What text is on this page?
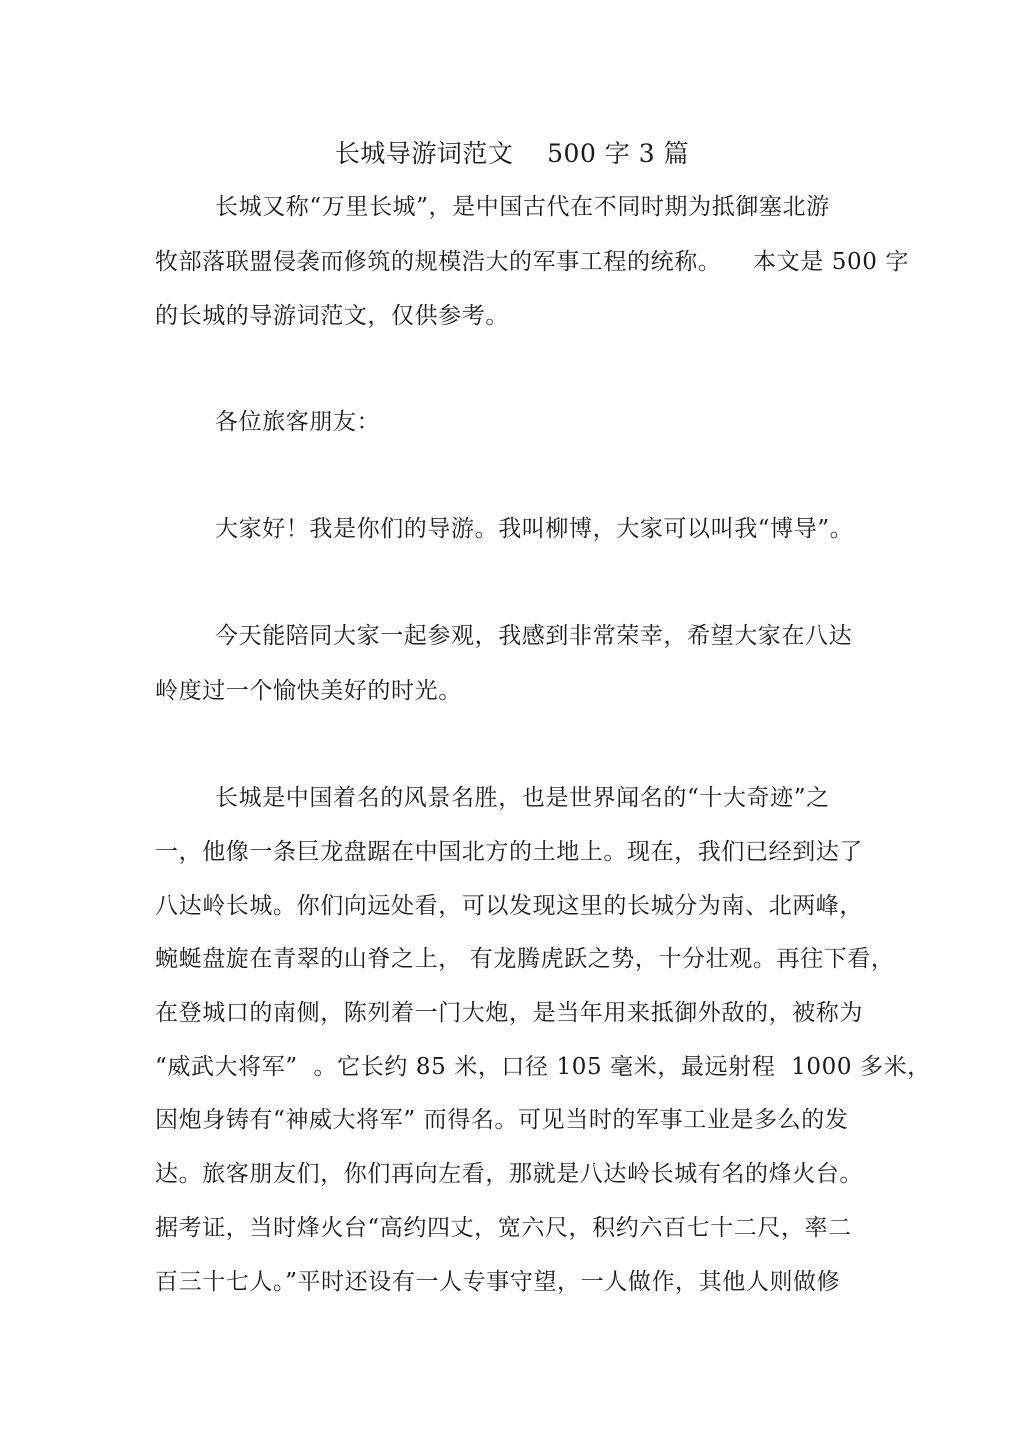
长城导游词范文    500 字 3 篇
长城又称“万里长城”，是中国古代在不同时期为抵御塞北游
牧部落联盟侵袭而修筑的规模浩大的军事工程的统称。    本文是 500 字
的长城的导游词范文，仅供参考。
各位旅客朋友：
大家好！我是你们的导游。我叫柳博，大家可以叫我“博导”。
今天能陪同大家一起参观，我感到非常荣幸，希望大家在八达
岭度过一个愉快美好的时光。
长城是中国着名的风景名胜，也是世界闻名的“十大奇迹”之
一，他像一条巨龙盘踞在中国北方的土地上。现在，我们已经到达了
八达岭长城。你们向远处看，可以发现这里的长城分为南、北两峰，
蜿蜒盘旋在青翠的山脊之上， 有龙腾虎跃之势，十分壮观。再往下看，
在登城口的南侧，陈列着一门大炮，是当年用来抵御外敌的，被称为
“威武大将军”  。它长约 85 米，口径 105 毫米，最远射程  1000 多米，
因炮身铸有“神威大将军” 而得名。可见当时的军事工业是多么的发
达。旅客朋友们，你们再向左看，那就是八达岭长城有名的烽火台。
据考证，当时烽火台“高约四丈，宽六尺，积约六百七十二尺，率二
百三十七人。”平时还设有一人专事守望，一人做作，其他人则做修
